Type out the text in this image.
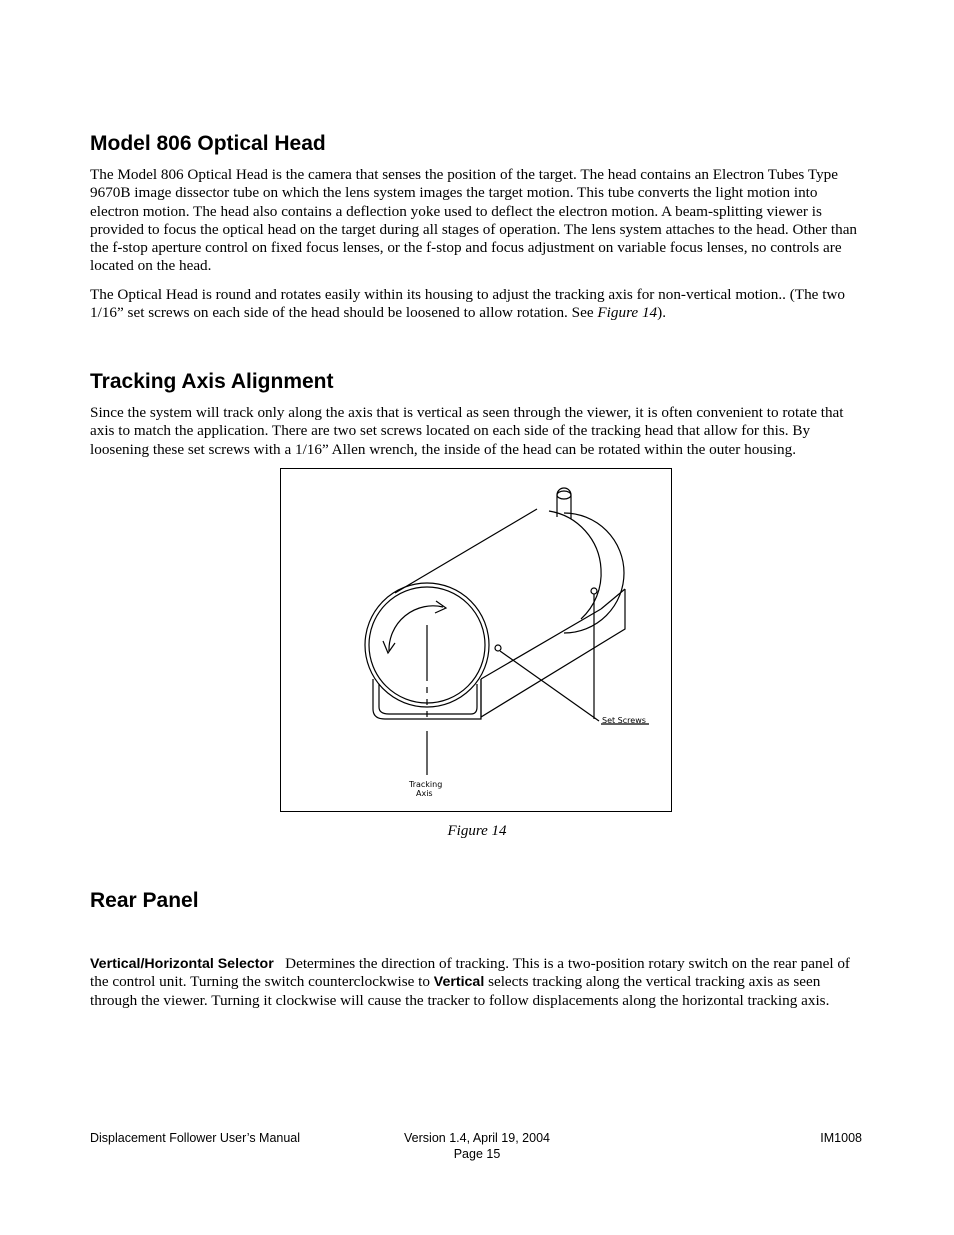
Model 806 Optical Head

The Model 806 Optical Head is the camera that senses the position of the target. The head contains an Electron Tubes Type 9670B image dissector tube on which the lens system images the target motion. This tube converts the light motion into electron motion. The head also contains a deflection yoke used to deflect the electron motion. A beam-splitting viewer is provided to focus the optical head on the target during all stages of operation. The lens system attaches to the head. Other than the f-stop aperture control on fixed focus lenses, or the f-stop and focus adjustment on variable focus lenses, no controls are located on the head.

The Optical Head is round and rotates easily within its housing to adjust the tracking axis for non-vertical motion.. (The two 1/16” set screws on each side of the head should be loosened to allow rotation. See Figure 14).

Tracking Axis Alignment

Since the system will track only along the axis that is vertical as seen through the viewer, it is often convenient to rotate that axis to match the application. There are two set screws located on each side of the tracking head that allow for this. By loosening these set screws with a 1/16” Allen wrench, the inside of the head can be rotated within the outer housing.

Set Screws
Tracking
Axis
Figure 14
Rear Panel

Vertical/Horizontal Selector Determines the direction of tracking. This is a two-position rotary switch on the rear panel of the control unit. Turning the switch counterclockwise to Vertical selects tracking along the vertical tracking axis as seen through the viewer. Turning it clockwise will cause the tracker to follow displacements along the horizontal tracking axis.

Displacement Follower User’s Manual	Version 1.4, April 19, 2004
Page 15
IM1008
